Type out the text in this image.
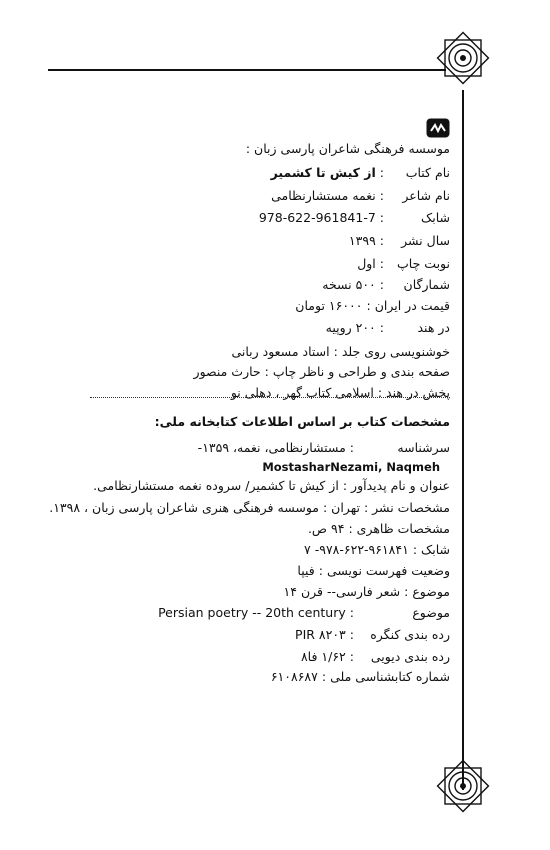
موسسه فرهنگی شاعران پارسی زبان :
نام کتاب:از کیش تا کشمیر
نام شاعر:نغمه مستشارنظامی
شابک:978-622-961841-7
سال نشر:۱۳۹۹
نوبت چاپ:اول
شمارگان:۵۰۰ نسخه
قیمت در ایران:۱۶۰۰۰ تومان
در هند:۲۰۰ روپیه
خوشنویسی روی جلد:استاد مسعود ربانی
صفحه بندی و طراحی و ناظر چاپ:حارث منصور
پخش در هند:اسلامی کتاب گهر ، دهلی نو
مشخصات کتاب بر اساس اطلاعات کتابخانه ملی:
سرشناسه:مستشارنظامی، نغمه، ۱۳۵۹-
MostasharNezami, Naqmeh
عنوان و نام پدیدآور:از کیش تا کشمیر/ سروده نغمه مستشارنظامی.
مشخصات نشر:تهران : موسسه فرهنگی هنری شاعران پارسی زبان ، ۱۳۹۸.
مشخصات ظاهری:۹۴ ص.
شابک:۹۷۸-۶۲۲-۹۶۱۸۴۱- ۷
وضعیت فهرست نویسی:فیپا
موضوع:شعر فارسی-- قرن ۱۴
موضوع:Persian poetry -- 20th century
رده بندی کنگره:PIR ۸۲۰۳
رده بندی دیویی:۱/۶۲ فا۸
شماره کتابشناسی ملی:۶۱۰۸۶۸۷
